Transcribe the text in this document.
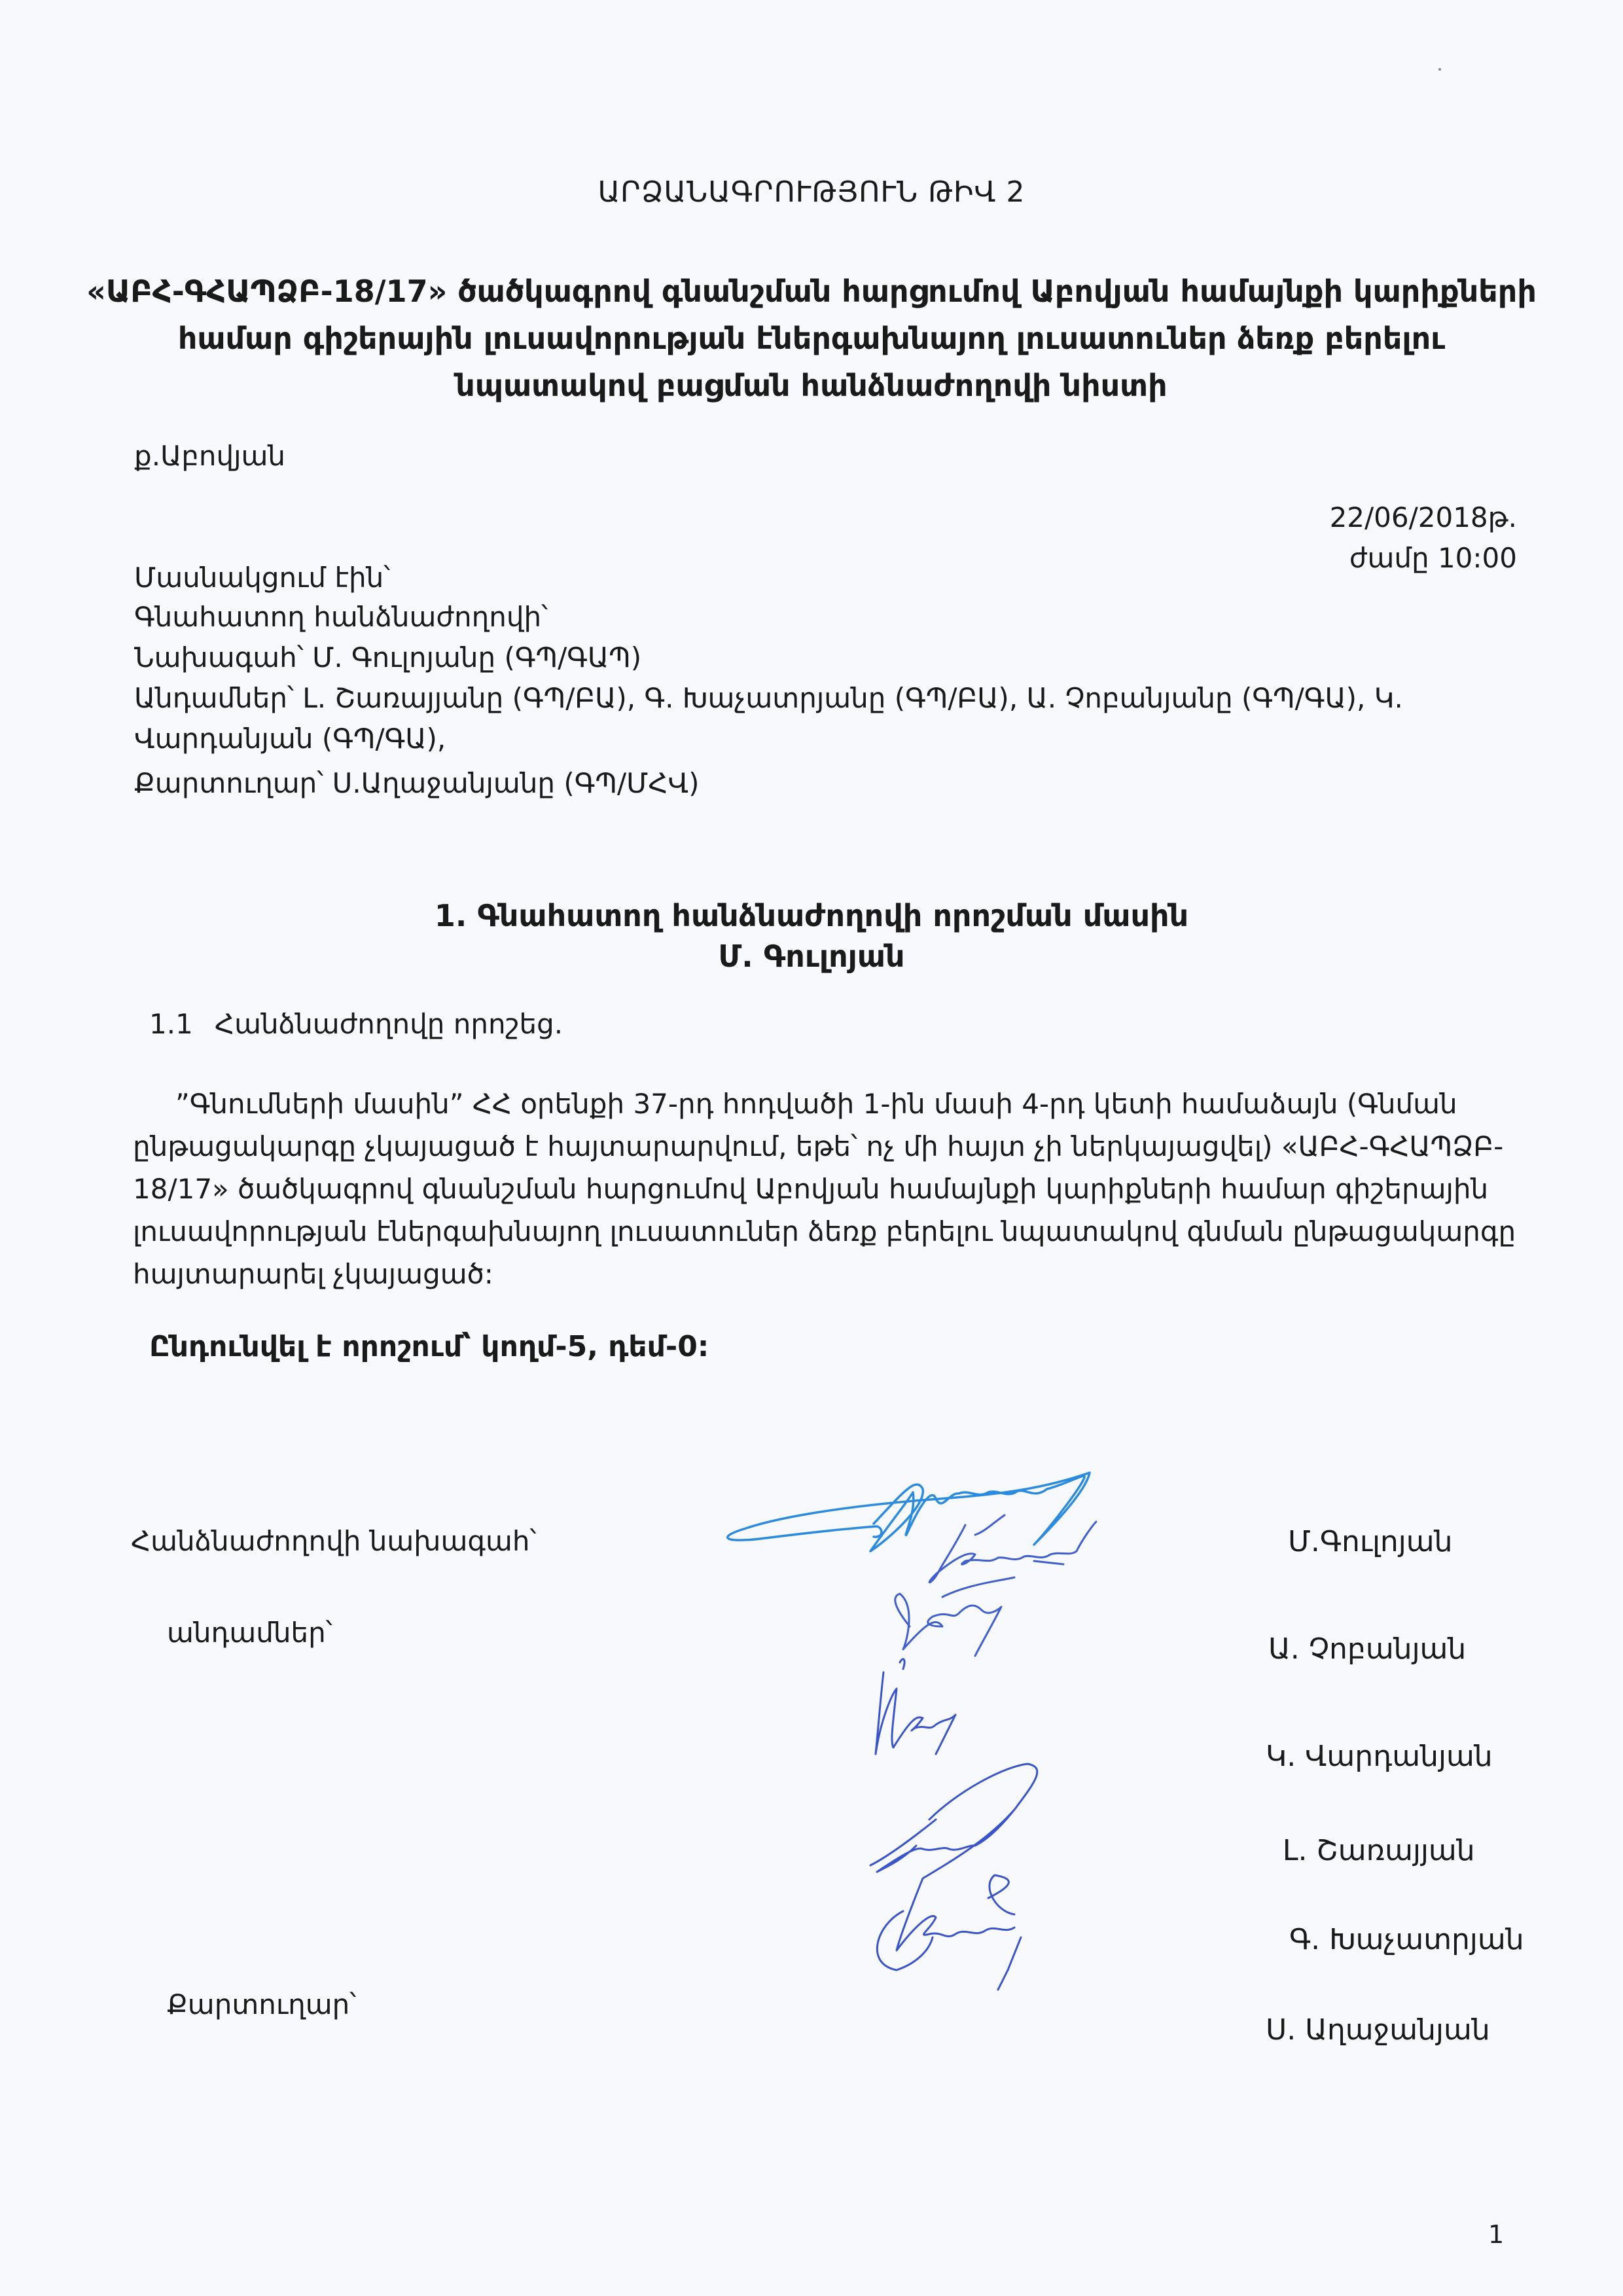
ԱՐՁԱՆԱԳՐՈՒԹՅՈՒՆ ԹԻՎ 2
«ԱԲՀ-ԳՀԱՊՁԲ-18/17» ծածկագրով գնանշման հարցումով Աբովյան համայնքի կարիքների
համար գիշերային լուսավորության էներգախնայող լուսատուներ ձեռք բերելու
նպատակով բացման հանձնաժողովի նիստի
ք.Աբովյան
22/06/2018թ.
ժամը 10:00
Մասնակցում էին՝
Գնահատող հանձնաժողովի՝
Նախագահ՝ Մ. Գուլոյանը (ԳՊ/ԳԱՊ)
Անդամներ՝ Լ. Շառայյանը (ԳՊ/ԲԱ), Գ. Խաչատրյանը (ԳՊ/ԲԱ), Ա. Չոբանյանը (ԳՊ/ԳԱ), Կ.
Վարդանյան (ԳՊ/ԳԱ),
Քարտուղար՝ Ս.Աղաջանյանը (ԳՊ/ՄՀՎ)
1. Գնահատող հանձնաժողովի որոշման մասին
Մ. Գուլոյան
1.1 Հանձնաժողովը որոշեց.
”Գնումների մասին” ՀՀ օրենքի 37-րդ հոդվածի 1-ին մասի 4-րդ կետի համաձայն (Գնման
ընթացակարգը չկայացած է հայտարարվում, եթե՝ ոչ մի հայտ չի ներկայացվել) «ԱԲՀ-ԳՀԱՊՁԲ-
18/17» ծածկագրով գնանշման հարցումով Աբովյան համայնքի կարիքների համար գիշերային
լուսավորության էներգախնայող լուսատուներ ձեռք բերելու նպատակով գնման ընթացակարգը
հայտարարել չկայացած:
Ընդունվել է որոշում՝ կողմ-5, դեմ-0:
Հանձնաժողովի նախագահ՝
անդամներ՝
Քարտուղար՝
Մ.Գուլոյան
Ա. Չոբանյան
Կ. Վարդանյան
Լ. Շառայյան
Գ. Խաչատրյան
Ս. Աղաջանյան
1
